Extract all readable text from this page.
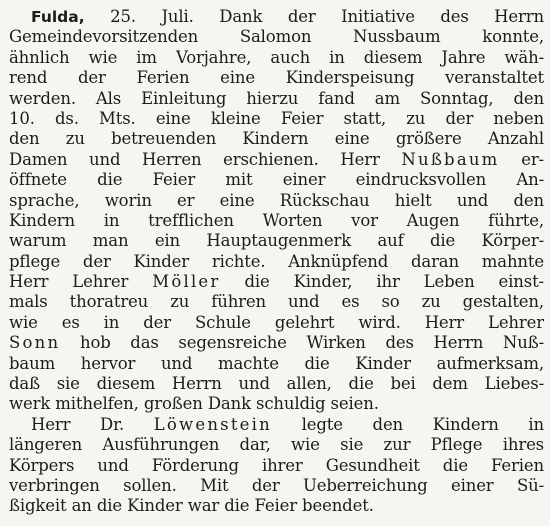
Fulda, 25. Juli. Dank der Initiative des Herrn
Gemeindevorsitzenden Salomon Nussbaum konnte,
ähnlich wie im Vorjahre, auch in diesem Jahre wäh-
rend der Ferien eine Kinderspeisung veranstaltet
werden. Als Einleitung hierzu fand am Sonntag, den
10. ds. Mts. eine kleine Feier statt, zu der neben
den zu betreuenden Kindern eine größere Anzahl
Damen und Herren erschienen. Herr Nußbaum er-
öffnete die Feier mit einer eindrucksvollen An-
sprache, worin er eine Rückschau hielt und den
Kindern in trefflichen Worten vor Augen führte,
warum man ein Hauptaugenmerk auf die Körper-
pflege der Kinder richte. Anknüpfend daran mahnte
Herr Lehrer Möller die Kinder, ihr Leben einst-
mals thoratreu zu führen und es so zu gestalten,
wie es in der Schule gelehrt wird. Herr Lehrer
Sonn hob das segensreiche Wirken des Herrn Nuß-
baum hervor und machte die Kinder aufmerksam,
daß sie diesem Herrn und allen, die bei dem Liebes-
werk mithelfen, großen Dank schuldig seien.
Herr Dr. Löwenstein legte den Kindern in
längeren Ausführungen dar, wie sie zur Pflege ihres
Körpers und Förderung ihrer Gesundheit die Ferien
verbringen sollen. Mit der Ueberreichung einer Sü-
ßigkeit an die Kinder war die Feier beendet.
